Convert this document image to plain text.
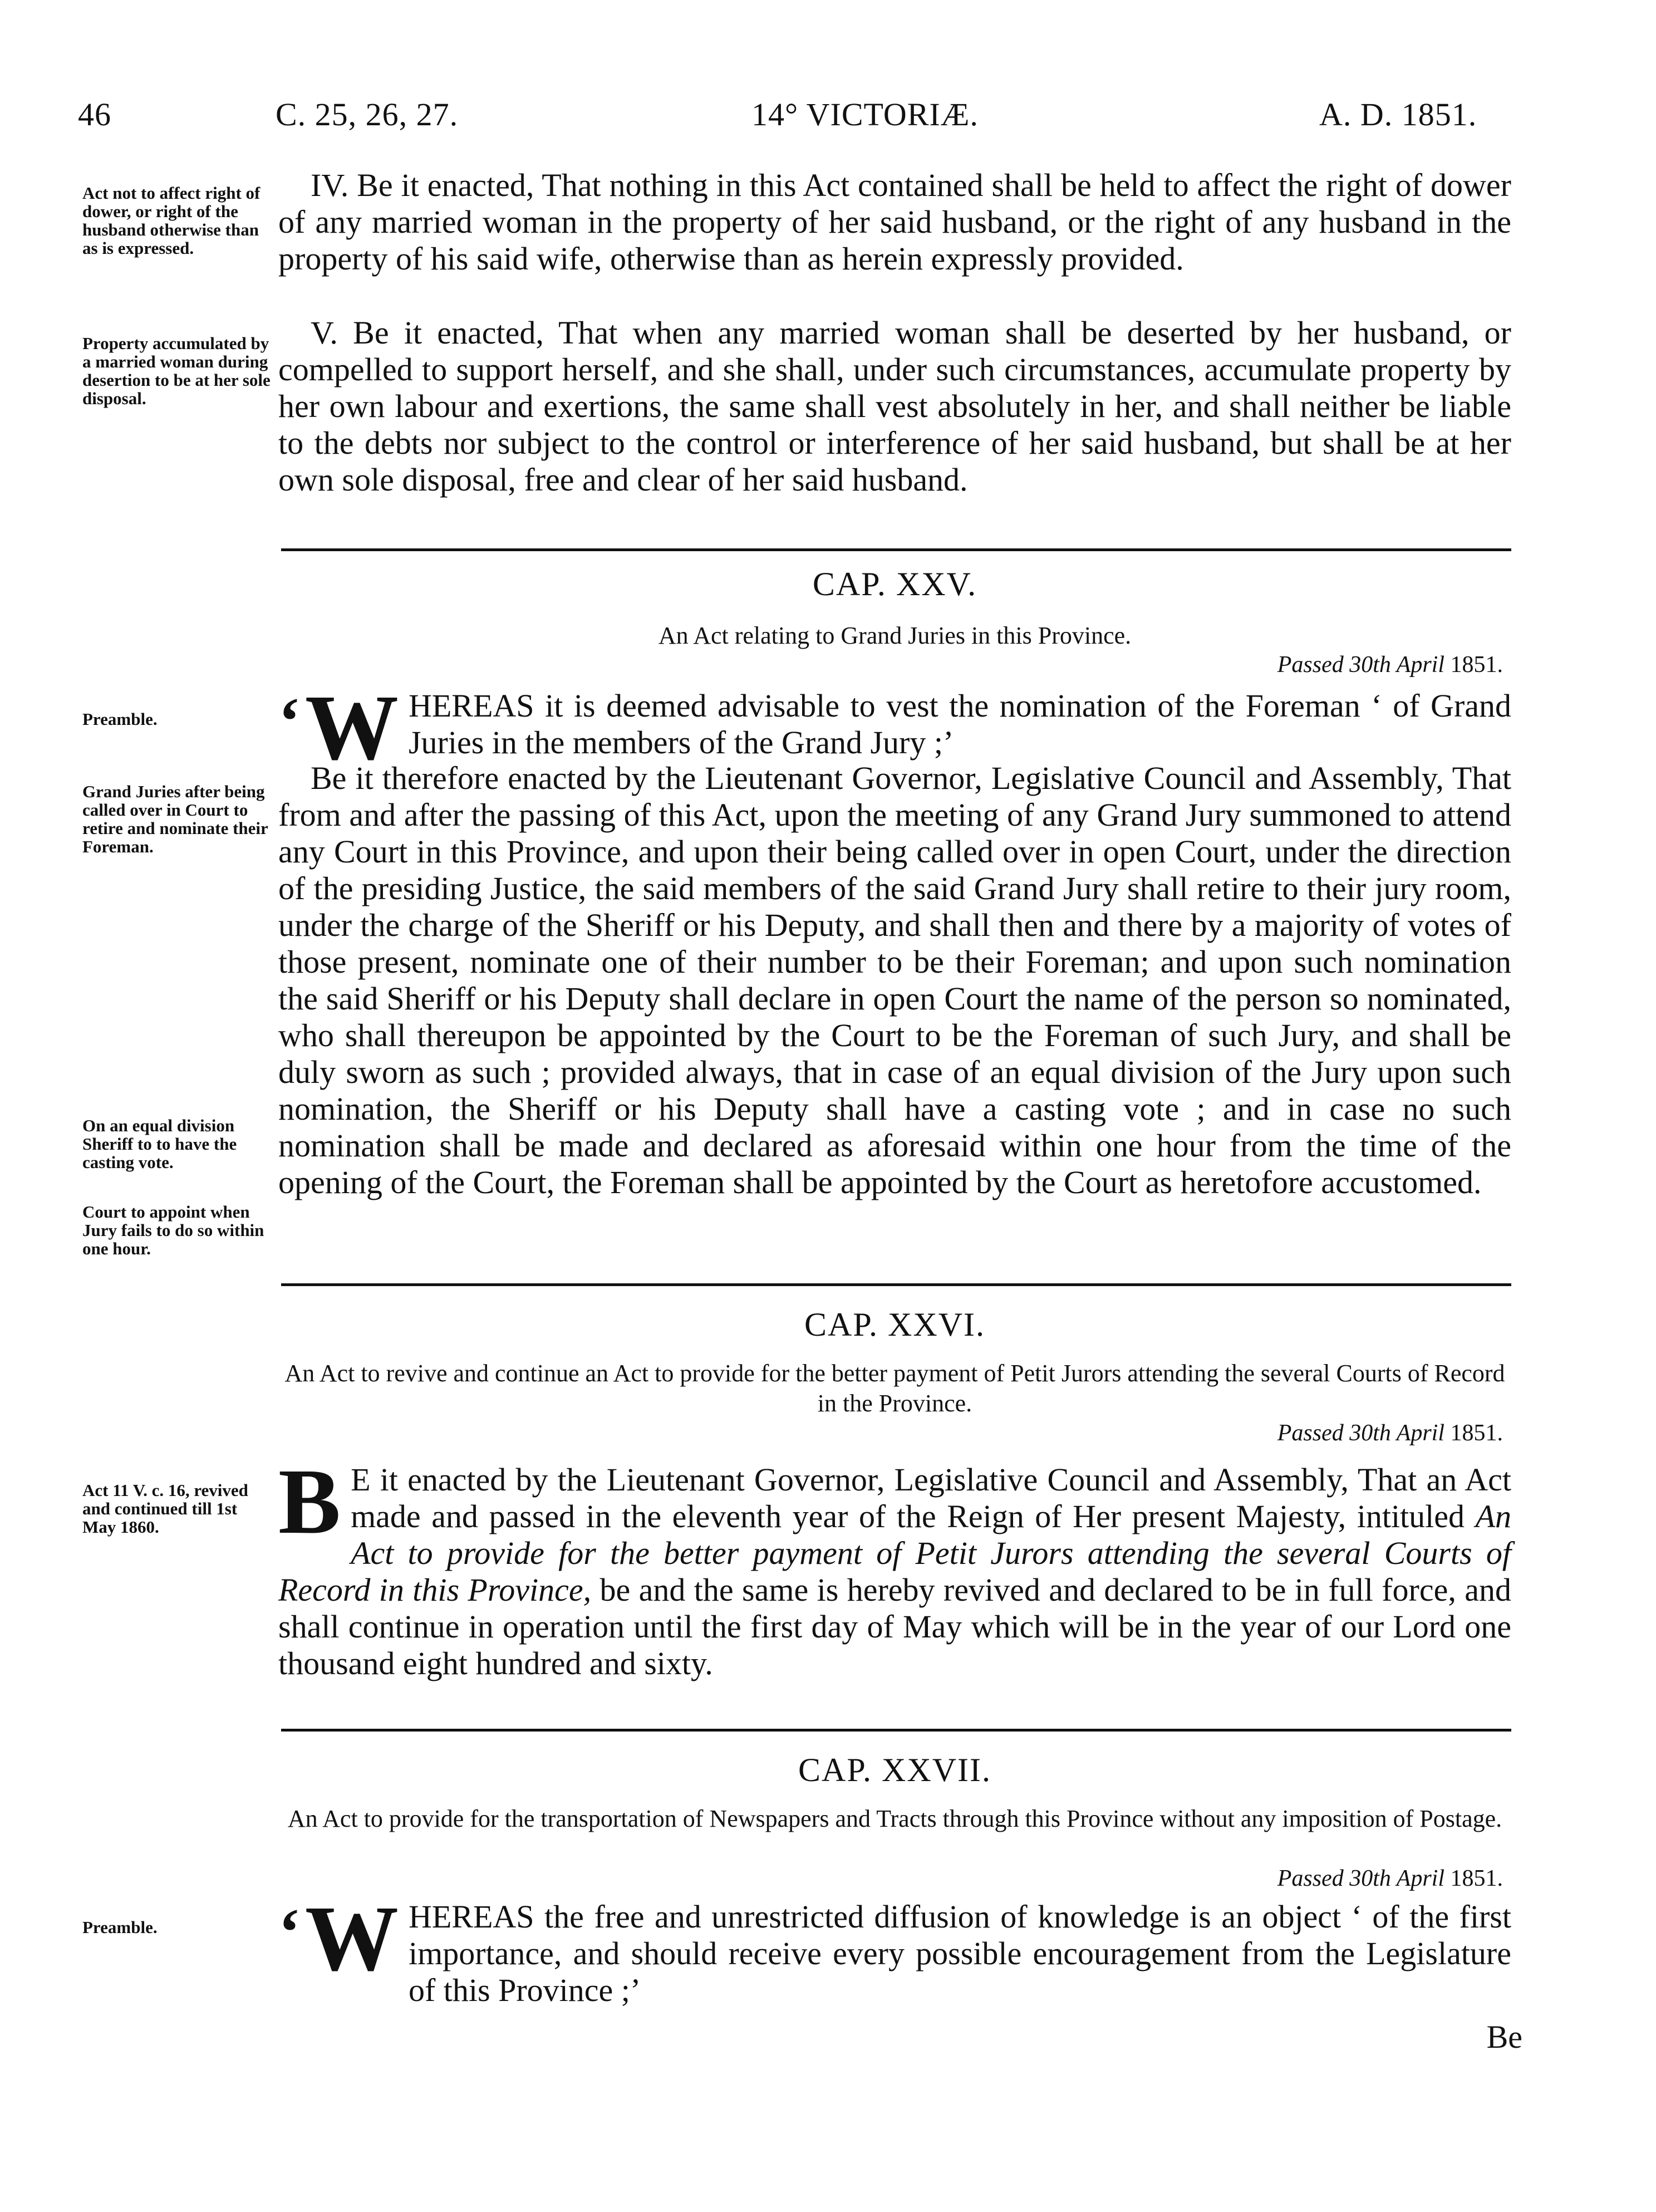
46	C. 25, 26, 27.	14° VICTORIÆ.	A. D. 1851.
Act not to affect right of dower, or right of the husband otherwise than as is expressed.

IV. Be it enacted, That nothing in this Act contained shall be held to affect the right of dower of any married woman in the property of her said husband, or the right of any husband in the property of his said wife, otherwise than as herein expressly provided.

Property accumulated by a married woman during desertion to be at her sole disposal.

V. Be it enacted, That when any married woman shall be deserted by her husband, or compelled to support herself, and she shall, under such circumstances, accumulate property by her own labour and exertions, the same shall vest absolutely in her, and shall neither be liable to the debts nor subject to the control or interference of her said husband, but shall be at her own sole disposal, free and clear of her said husband.

CAP. XXV.
An Act relating to Grand Juries in this Province.
Passed 30th April 1851.
Preamble.	‘ W HEREAS it is deemed advisable to vest the nomination of the Foreman ‘ of Grand Juries in the members of the Grand Jury ;’

Grand Juries after being called over in Court to retire and nominate their Foreman.
On an equal division Sheriff to to have the casting vote.
Court to appoint when Jury fails to do so within one hour.

Be it therefore enacted by the Lieutenant Governor, Legislative Council and Assembly, That from and after the passing of this Act, upon the meeting of any Grand Jury summoned to attend any Court in this Province, and upon their being called over in open Court, under the direction of the presiding Justice, the said members of the said Grand Jury shall retire to their jury room, under the charge of the Sheriff or his Deputy, and shall then and there by a majority of votes of those present, nominate one of their number to be their Foreman; and upon such nomination the said Sheriff or his Deputy shall declare in open Court the name of the person so nominated, who shall thereupon be appointed by the Court to be the Foreman of such Jury, and shall be duly sworn as such ; provided always, that in case of an equal division of the Jury upon such nomination, the Sheriff or his Deputy shall have a casting vote ; and in case no such nomination shall be made and declared as aforesaid within one hour from the time of the opening of the Court, the Foreman shall be appointed by the Court as heretofore accustomed.

CAP. XXVI.
An Act to revive and continue an Act to provide for the better payment of Petit Jurors attending the several Courts of Record in the Province.
Passed 30th April 1851.
Act 11 V. c. 16, revived and continued till 1st May 1860.	B E it enacted by the Lieutenant Governor, Legislative Council and Assembly, That an Act made and passed in the eleventh year of the Reign of Her present Majesty, intituled An Act to provide for the better payment of Petit Jurors attending the several Courts of Record in this Province, be and the same is hereby revived and declared to be in full force, and shall continue in operation until the first day of May which will be in the year of our Lord one thousand eight hundred and sixty.

CAP. XXVII.
An Act to provide for the transportation of Newspapers and Tracts through this Province without any imposition of Postage.
Passed 30th April 1851.
Preamble.	‘ W HEREAS the free and unrestricted diffusion of knowledge is an object ‘ of the first importance, and should receive every possible encouragement from the Legislature of this Province ;’

Be
